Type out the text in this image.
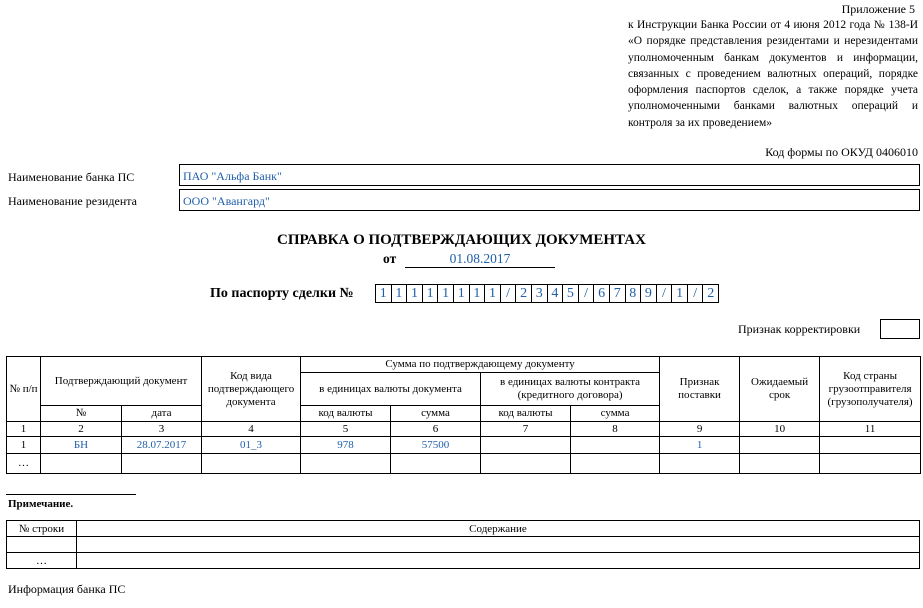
Приложение 5
к Инструкции Банка России от 4 июня 2012 года № 138-И «О порядке представления резидентами и нерезидентами уполномоченным банкам документов и информации, связанных с проведением валютных операций, порядке оформления паспортов сделок, а также порядке учета уполномоченными банками валютных операций и контроля за их проведением»
Код формы по ОКУД 0406010
Наименование банка ПС	ПАО "Альфа Банк"
Наименование резидента	ООО "Авангард"
СПРАВКА О ПОДТВЕРЖДАЮЩИХ ДОКУМЕНТАХ
от	01.08.2017
По паспорту сделки №	1 1 1 1 1 1 1 1 / 2 3 4 5 / 6 7 8 9 / 1 / 2
Признак корректировки
№ п/п	Подтверждающий документ		Код вида подтверждающего документа	Сумма по подтверждающему документу				Признак поставки	Ожидаемый срок	Код страны грузоотправителя (грузополучателя)
				в единицах валюты документа		в единицах валюты контракта (кредитного договора)				
	№	дата		код валюты	сумма	код валюты	сумма			
1	2	3	4	5	6	7	8	9	10	11
1	БН	28.07.2017	01_3	978	57500			1		
…										
Примечание.
№ строки	Содержание

…	
Информация банка ПС
